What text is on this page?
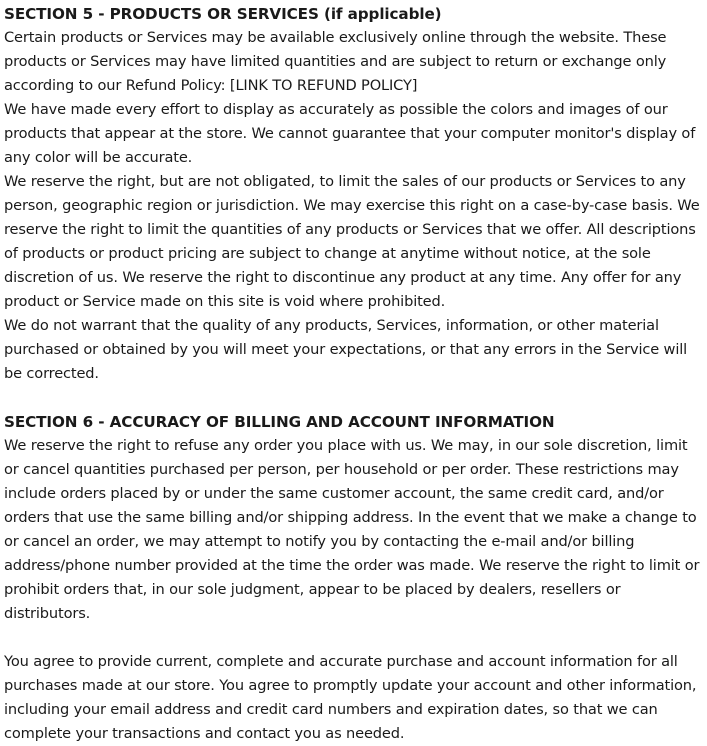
SECTION 5 - PRODUCTS OR SERVICES (if applicable)

Certain products or Services may be available exclusively online through the website. These products or Services may have limited quantities and are subject to return or exchange only according to our Refund Policy: [LINK TO REFUND POLICY]

We have made every effort to display as accurately as possible the colors and images of our products that appear at the store. We cannot guarantee that your computer monitor's display of any color will be accurate.

We reserve the right, but are not obligated, to limit the sales of our products or Services to any person, geographic region or jurisdiction. We may exercise this right on a case-by-case basis. We reserve the right to limit the quantities of any products or Services that we offer. All descriptions of products or product pricing are subject to change at anytime without notice, at the sole discretion of us. We reserve the right to discontinue any product at any time. Any offer for any product or Service made on this site is void where prohibited.

We do not warrant that the quality of any products, Services, information, or other material purchased or obtained by you will meet your expectations, or that any errors in the Service will be corrected.

SECTION 6 - ACCURACY OF BILLING AND ACCOUNT INFORMATION

We reserve the right to refuse any order you place with us. We may, in our sole discretion, limit or cancel quantities purchased per person, per household or per order. These restrictions may include orders placed by or under the same customer account, the same credit card, and/or orders that use the same billing and/or shipping address. In the event that we make a change to or cancel an order, we may attempt to notify you by contacting the e-mail and/or billing address/phone number provided at the time the order was made. We reserve the right to limit or prohibit orders that, in our sole judgment, appear to be placed by dealers, resellers or distributors.

You agree to provide current, complete and accurate purchase and account information for all purchases made at our store. You agree to promptly update your account and other information, including your email address and credit card numbers and expiration dates, so that we can complete your transactions and contact you as needed.
